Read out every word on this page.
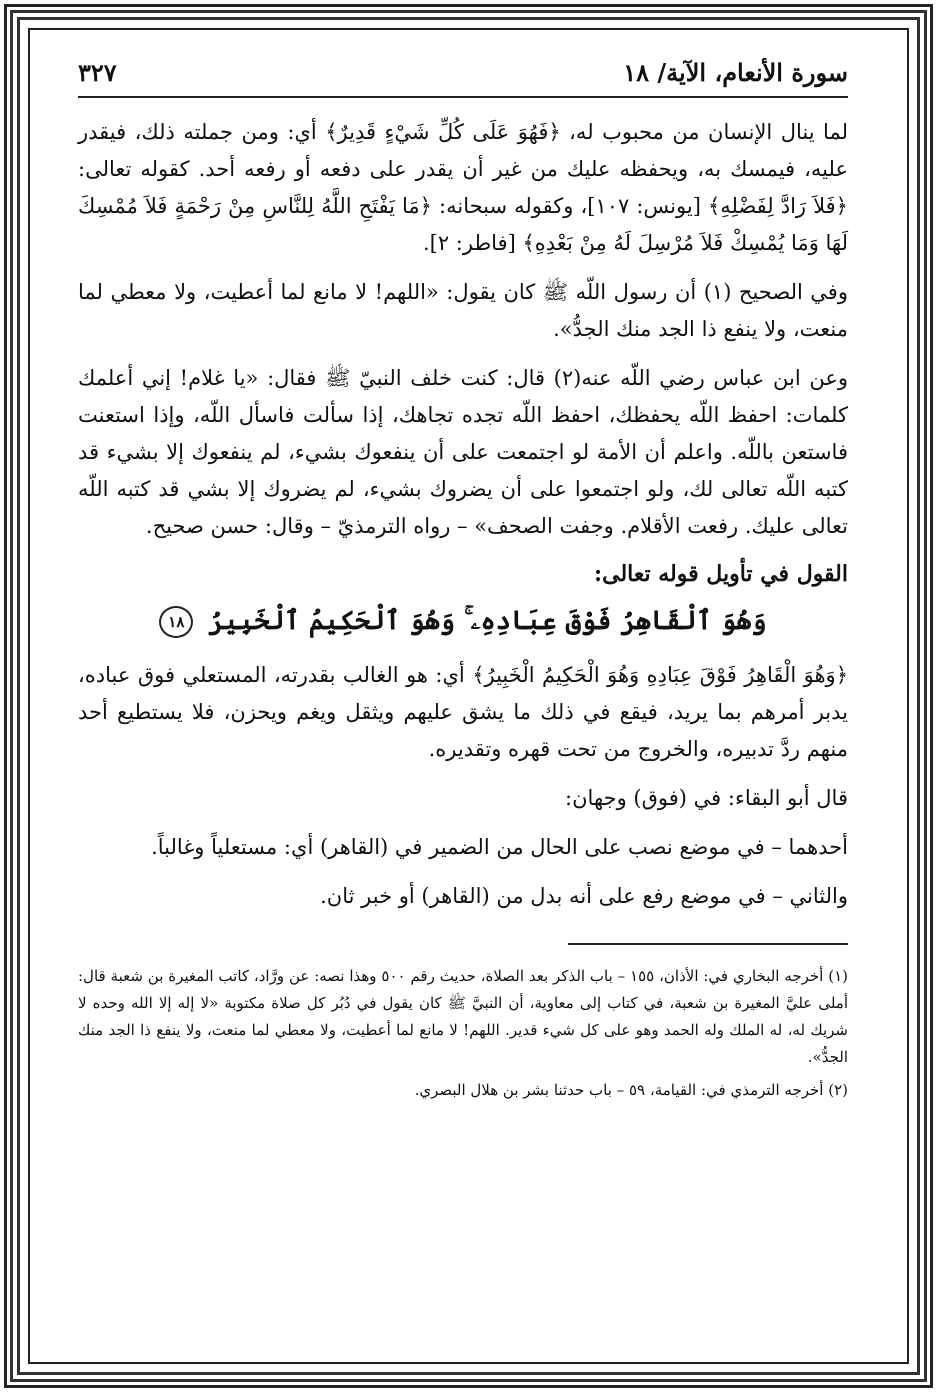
سورة الأنعام، الآية/ ١٨
٣٢٧

لما ينال الإنسان من محبوب له، ﴿فَهُوَ عَلَى كُلِّ شَيْءٍ قَدِيرٌ﴾ أي: ومن جملته ذلك، فيقدر عليه، فيمسك به، ويحفظه عليك من غير أن يقدر على دفعه أو رفعه أحد. كقوله تعالى: ﴿فَلاَ رَادَّ لِفَضْلِهِ﴾ [يونس: ١٠٧]، وكقوله سبحانه: ﴿مَا يَفْتَحِ اللَّهُ لِلنَّاسِ مِنْ رَحْمَةٍ فَلاَ مُمْسِكَ لَهَا وَمَا يُمْسِكْ فَلاَ مُرْسِلَ لَهُ مِنْ بَعْدِهِ﴾ [فاطر: ٢].

وفي الصحيح (١) أن رسول اللّه ﷺ كان يقول: «اللهم! لا مانع لما أعطيت، ولا معطي لما منعت، ولا ينفع ذا الجد منك الجدُّ».

وعن ابن عباس رضي اللّه عنه(٢) قال: كنت خلف النبيّ ﷺ فقال: «يا غلام! إني أعلمك كلمات: احفظ اللّه يحفظك، احفظ اللّه تجده تجاهك، إذا سألت فاسأل اللّه، وإذا استعنت فاستعن باللّه. واعلم أن الأمة لو اجتمعت على أن ينفعوك بشيء، لم ينفعوك إلا بشيء قد كتبه اللّه تعالى لك، ولو اجتمعوا على أن يضروك بشيء، لم يضروك إلا بشي قد كتبه اللّه تعالى عليك. رفعت الأقلام. وجفت الصحف» – رواه الترمذيّ – وقال: حسن صحيح.

القول في تأويل قوله تعالى:
وَهُوَ ٱلْقَاهِرُ فَوْقَ عِبَادِهِۦ ۚ وَهُوَ ٱلْحَكِيمُ ٱلْخَبِيرُ ١٨

﴿وَهُوَ الْقَاهِرُ فَوْقَ عِبَادِهِ وَهُوَ الْحَكِيمُ الْخَبِيرُ﴾ أي: هو الغالب بقدرته، المستعلي فوق عباده، يدبر أمرهم بما يريد، فيقع في ذلك ما يشق عليهم ويثقل ويغم ويحزن، فلا يستطيع أحد منهم ردَّ تدبيره، والخروج من تحت قهره وتقديره.

قال أبو البقاء: في (فوق) وجهان:

أحدهما – في موضع نصب على الحال من الضمير في (القاهر) أي: مستعلياً وغالباً.

والثاني – في موضع رفع على أنه بدل من (القاهر) أو خبر ثان.

(١) أخرجه البخاري في: الأذان، ١٥٥ – باب الذكر بعد الصلاة، حديث رقم ٥٠٠ وهذا نصه: عن ورَّاد، كاتب المغيرة بن شعبة قال: أملى عليَّ المغيرة بن شعبة، في كتاب إلى معاوية، أن النبيَّ ﷺ كان يقول في دُبُر كل صلاة مكتوبة «لا إله إلا الله وحده لا شريك له، له الملك وله الحمد وهو على كل شيء قدير. اللهم! لا مانع لما أعطيت، ولا معطي لما منعت، ولا ينفع ذا الجد منك الجدُّ».

(٢) أخرجه الترمذي في: القيامة، ٥٩ – باب حدثنا بشر بن هلال البصري.
